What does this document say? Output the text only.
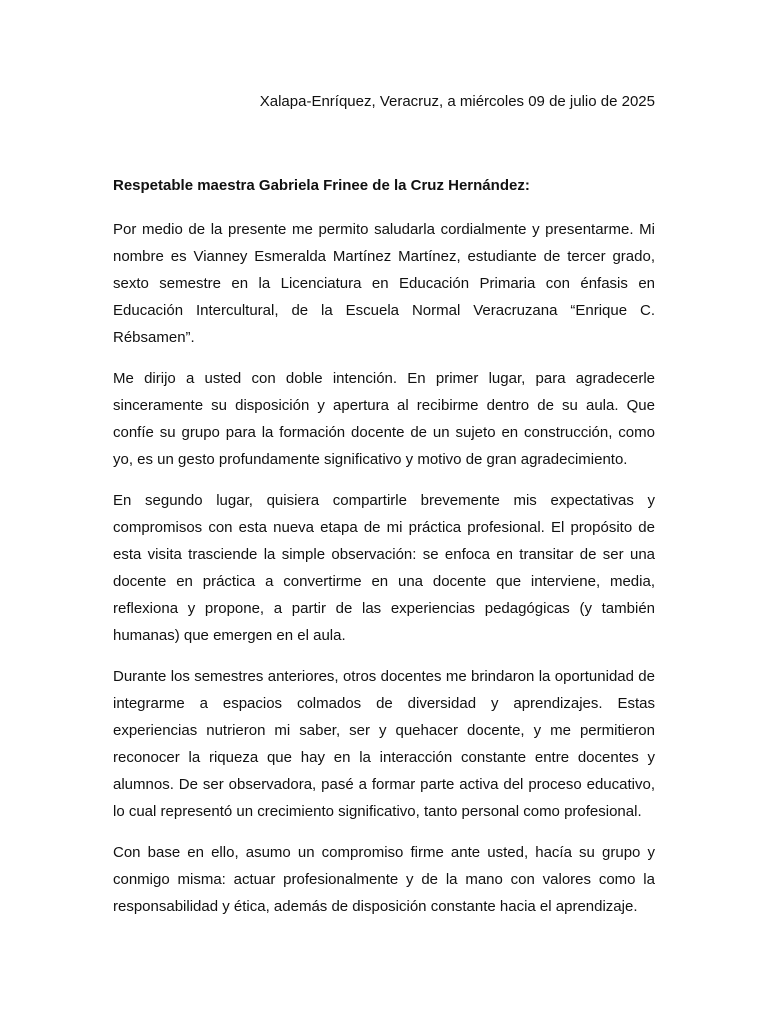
Xalapa-Enríquez, Veracruz, a miércoles 09 de julio de 2025
Respetable maestra Gabriela Frinee de la Cruz Hernández:

Por medio de la presente me permito saludarla cordialmente y presentarme. Mi nombre es Vianney Esmeralda Martínez Martínez, estudiante de tercer grado, sexto semestre en la Licenciatura en Educación Primaria con énfasis en Educación Intercultural, de la Escuela Normal Veracruzana “Enrique C. Rébsamen”.

Me dirijo a usted con doble intención. En primer lugar, para agradecerle sinceramente su disposición y apertura al recibirme dentro de su aula. Que confíe su grupo para la formación docente de un sujeto en construcción, como yo, es un gesto profundamente significativo y motivo de gran agradecimiento.

En segundo lugar, quisiera compartirle brevemente mis expectativas y compromisos con esta nueva etapa de mi práctica profesional. El propósito de esta visita trasciende la simple observación: se enfoca en transitar de ser una docente en práctica a convertirme en una docente que interviene, media, reflexiona y propone, a partir de las experiencias pedagógicas (y también humanas) que emergen en el aula.

Durante los semestres anteriores, otros docentes me brindaron la oportunidad de integrarme a espacios colmados de diversidad y aprendizajes. Estas experiencias nutrieron mi saber, ser y quehacer docente, y me permitieron reconocer la riqueza que hay en la interacción constante entre docentes y alumnos. De ser observadora, pasé a formar parte activa del proceso educativo, lo cual representó un crecimiento significativo, tanto personal como profesional.

Con base en ello, asumo un compromiso firme ante usted, hacía su grupo y conmigo misma: actuar profesionalmente y de la mano con valores como la responsabilidad y ética, además de disposición constante hacia el aprendizaje.
